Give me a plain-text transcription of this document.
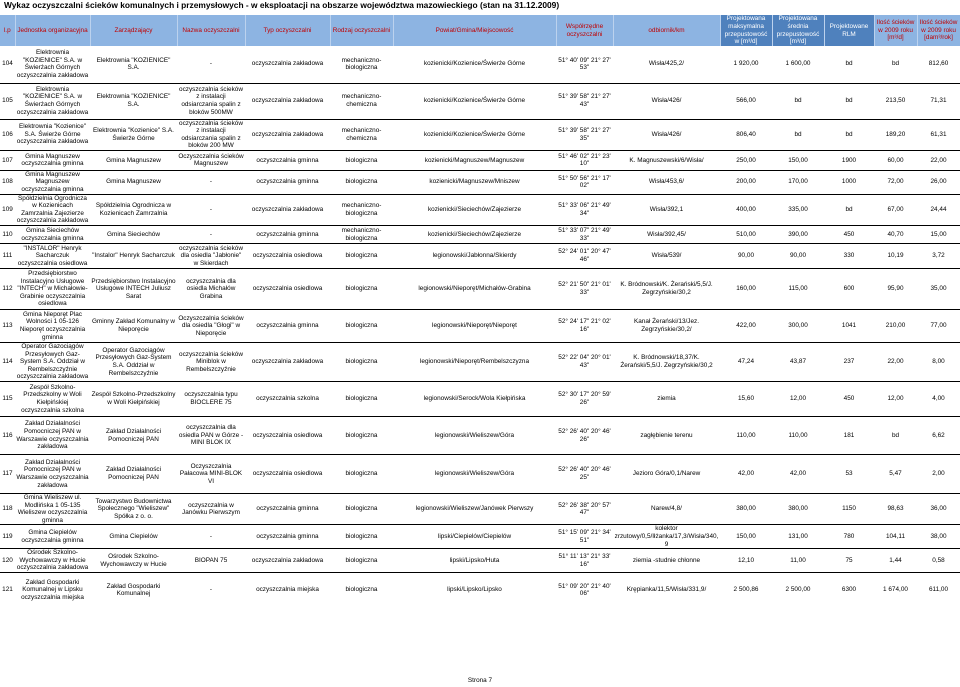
Wykaz oczyszczalni ścieków komunalnych i przemysłowych - w eksploatacji na obszarze województwa mazowieckiego (stan na 31.12.2009)
l.p	Jednostka organizacyjna	Zarządzający	Nazwa oczyszczalni	Typ oczyszczalni	Rodzaj oczyszczalni	Powiat/Gmina/Miejscowość	Współrzędne oczyszczalni	odbiornik/km	Projektowana maksymalna przepustowość w [m³/d]	Projektowana średnia przepustowość [m³/d]	Projektowane RLM	Ilość ścieków w 2009 roku [m³/d]	Ilość ścieków w 2009 roku [dam³/rok]
104	Elektrownia "KOZIENICE" S.A. w Świerżach Górnych oczyszczalnia zakładowa	Elektrownia "KOZIENICE" S.A.	-	oczyszczalnia zakładowa	mechaniczno-biologiczna	kozienicki/Kozienice/Świerże Górne	51° 40' 09" 21° 27' 53"	Wisła/425,2/	1 920,00	1 600,00	bd	bd	812,60
105	Elektrownia "KOZIENICE" S.A. w Świerżach Górnych oczyszczalnia zakładowa	Elektrownia "KOZIENICE" S.A.	oczyszczalnia ścieków z instalacji odsiarczania spalin z bloków 500MW	oczyszczalnia zakładowa	mechaniczno-chemiczna	kozienicki/Kozienice/Świerże Górne	51° 39' 58" 21° 27' 43"	Wisła/426/	566,00	bd	bd	213,50	71,31
106	Elektrownia "Kozienice" S.A. Świerże Górne oczyszczalnia zakładowa	Elektrownia "Kozienice" S.A. Świerże Górne	oczyszczalnia ścieków z instalacji odsiarczania spalin z bloków 200 MW	oczyszczalnia zakładowa	mechaniczno-chemiczna	kozienicki/Kozienice/Świerże Górne	51° 39' 58" 21° 27' 35"	Wisła/426/	806,40	bd	bd	189,20	61,31
107	Gmina Magnuszew oczyszczalnia gminna	Gmina Magnuszew	Oczyszczalnia ścieków Magnuszew	oczyszczalnia gminna	biologiczna	kozienicki/Magnuszew/Magnuszew	51° 46' 02" 21° 23' 10"	K. Magnuszewski/6/Wisła/	250,00	150,00	1900	60,00	22,00
108	Gmina Magnuszew Magnuszew oczyszczalnia gminna	Gmina Magnuszew	-	oczyszczalnia gminna	biologiczna	kozienicki/Magnuszew/Mniszew	51° 50' 56" 21° 17' 02"	Wisła/453,6/	200,00	170,00	1000	72,00	26,00
109	Spółdzielnia Ogrodnicza w Kozienicach Zamrzalnia Zajezierze oczyszczalnia zakładowa	Spółdzielnia Ogrodnicza w Kozienicach Zamrzalnia	-	oczyszczalnia zakładowa	mechaniczno-biologiczna	kozienicki/Sieciechów/Zajezierze	51° 33' 06" 21° 49' 34"	Wisła/392,1	400,00	335,00	bd	67,00	24,44
110	Gmina Sieciechów oczyszczalnia gminna	Gmina Sieciechów	-	oczyszczalnia gminna	mechaniczno-biologiczna	kozienicki/Sieciechów/Zajezierze	51° 33' 07" 21° 49' 33"	Wisła/392,45/	510,00	390,00	450	40,70	15,00
111	"INSTALOR" Henryk Sacharczuk oczyszczalnia osiedlowa	"Instalor" Henryk Sacharczuk	oczyszczalnia ścieków dla osiedla "Jabłonie" w Skierdach	oczyszczalnia osiedlowa	biologiczna	legionowski/Jabłonna/Skierdy	52° 24' 01" 20° 47' 46"	Wisła/539/	90,00	90,00	330	10,19	3,72
112	Przedsiębiorstwo Instalacyjno Usługowe "INTECH" w Michałowie-Grabinie oczyszczalnia osiedlowa	Przedsiębiorstwo Instalacyjno Usługowe INTECH Juliusz Sarat	oczyszczalnia dla osiedla Michałów Grabina	oczyszczalnia osiedlowa	biologiczna	legionowski/Nieporęt/Michałów-Grabina	52° 21' 50" 21° 01' 33"	K. Bródnowski/K. Żerański/5,5/J. Zegrzyńskie/30,2	160,00	115,00	600	95,90	35,00
113	Gmina Nieporęt Plac Wolności 1 05-126 Nieporęt oczyszczalnia gminna	Gminny Zakład Komunalny w Nieporęcie	Oczyszczalnia ścieków dla osiedla "Głogi" w Nieporęcie	oczyszczalnia gminna	biologiczna	legionowski/Nieporęt/Nieporęt	52° 24' 17" 21° 02' 16"	Kanał Żerański/13/Jez. Zegrzyńskie/30,2/	422,00	300,00	1041	210,00	77,00
114	Operator Gazociągów Przesyłowych Gaz-System S.A. Oddział w Rembelszczyźnie oczyszczalnia zakładowa	Operator Gazociągów Przesyłowych Gaz-System S.A. Oddział w Rembelszczyźnie	oczyszczalnia ścieków Miniblok w Rembelszczyźnie	oczyszczalnia zakładowa	biologiczna	legionowski/Nieporęt/Rembelszczyzna	52° 22' 04" 20° 01' 43"	K. Bródnowski/18,37/K. Żerański/5,5/J. Zegrzyńskie/30,2	47,24	43,87	237	22,00	8,00
115	Zespół Szkolno-Przedszkolny w Woli Kiełpińskiej oczyszczalnia szkolna	Zespół Szkolno-Przedszkolny w Woli Kiełpińskiej	oczyszczalnia typu BIOCLERE 75	oczyszczalnia szkolna	biologiczna	legionowski/Serock/Wola Kiełpińska	52° 30' 17" 20° 59' 26"	ziemia	15,60	12,00	450	12,00	4,00
116	Zakład Działalności Pomocniczej PAN w Warszawie oczyszczalnia zakładowa	Zakład Działalności Pomocniczej PAN	oczyszczalnia dla osiedla PAN w Górze - MINI BLOK IX	oczyszczalnia osiedlowa	biologiczna	legionowski/Wieliszew/Góra	52° 26' 40" 20° 46' 26"	zagłębienie terenu	110,00	110,00	181	bd	6,62
117	Zakład Działalności Pomocniczej PAN w Warszawie oczyszczalnia zakładowa	Zakład Działalności Pomocniczej PAN	Oczyszczalnia Pałacowa MINI-BLOK VI	oczyszczalnia osiedlowa	biologiczna	legionowski/Wieliszew/Góra	52° 26' 40" 20° 46' 25"	Jezioro Góra/0,1/Narew	42,00	42,00	53	5,47	2,00
118	Gmina Wieliszew ul. Modlińska 1 05-135 Wieliszew oczyszczalnia gminna	Towarzystwo Budownictwa Społecznego "Wieliszew" Spółka z o. o.	oczyszczalnia w Janówku Pierwszym	oczyszczalnia gminna	biologiczna	legionowski/Wieliszew/Janówek Pierwszy	52° 26' 38" 20° 57' 47"	Narew/4,8/	380,00	380,00	1150	98,63	36,00
119	Gmina Ciepielów oczyszczalnia gminna	Gmina Ciepielów	-	oczyszczalnia gminna	biologiczna	lipski/Ciepielów/Ciepielów	51° 15' 09" 21° 34' 51"	kolektor zrzutowy/0,5/Iłżanka/17,3/Wisła/340,9	150,00	131,00	780	104,11	38,00
120	Ośrodek Szkolno-Wychowawczy w Hucie oczyszczalnia zakładowa	Ośrodek Szkolno-Wychowawczy w Hucie	BIOPAN 75	oczyszczalnia zakładowa	biologiczna	lipski/Lipsko/Huta	51° 11' 13" 21° 33' 16"	ziemia -studnie chłonne	12,10	11,00	75	1,44	0,58
121	Zakład Gospodarki Komunalnej w Lipsku oczyszczalnia miejska	Zakład Gospodarki Komunalnej	-	oczyszczalnia miejska	biologiczna	lipski/Lipsko/Lipsko	51° 09' 20" 21° 40' 06"	Krępianka/11,5/Wisła/331,9/	2 500,86	2 500,00	6300	1 674,00	611,00
Strona 7
